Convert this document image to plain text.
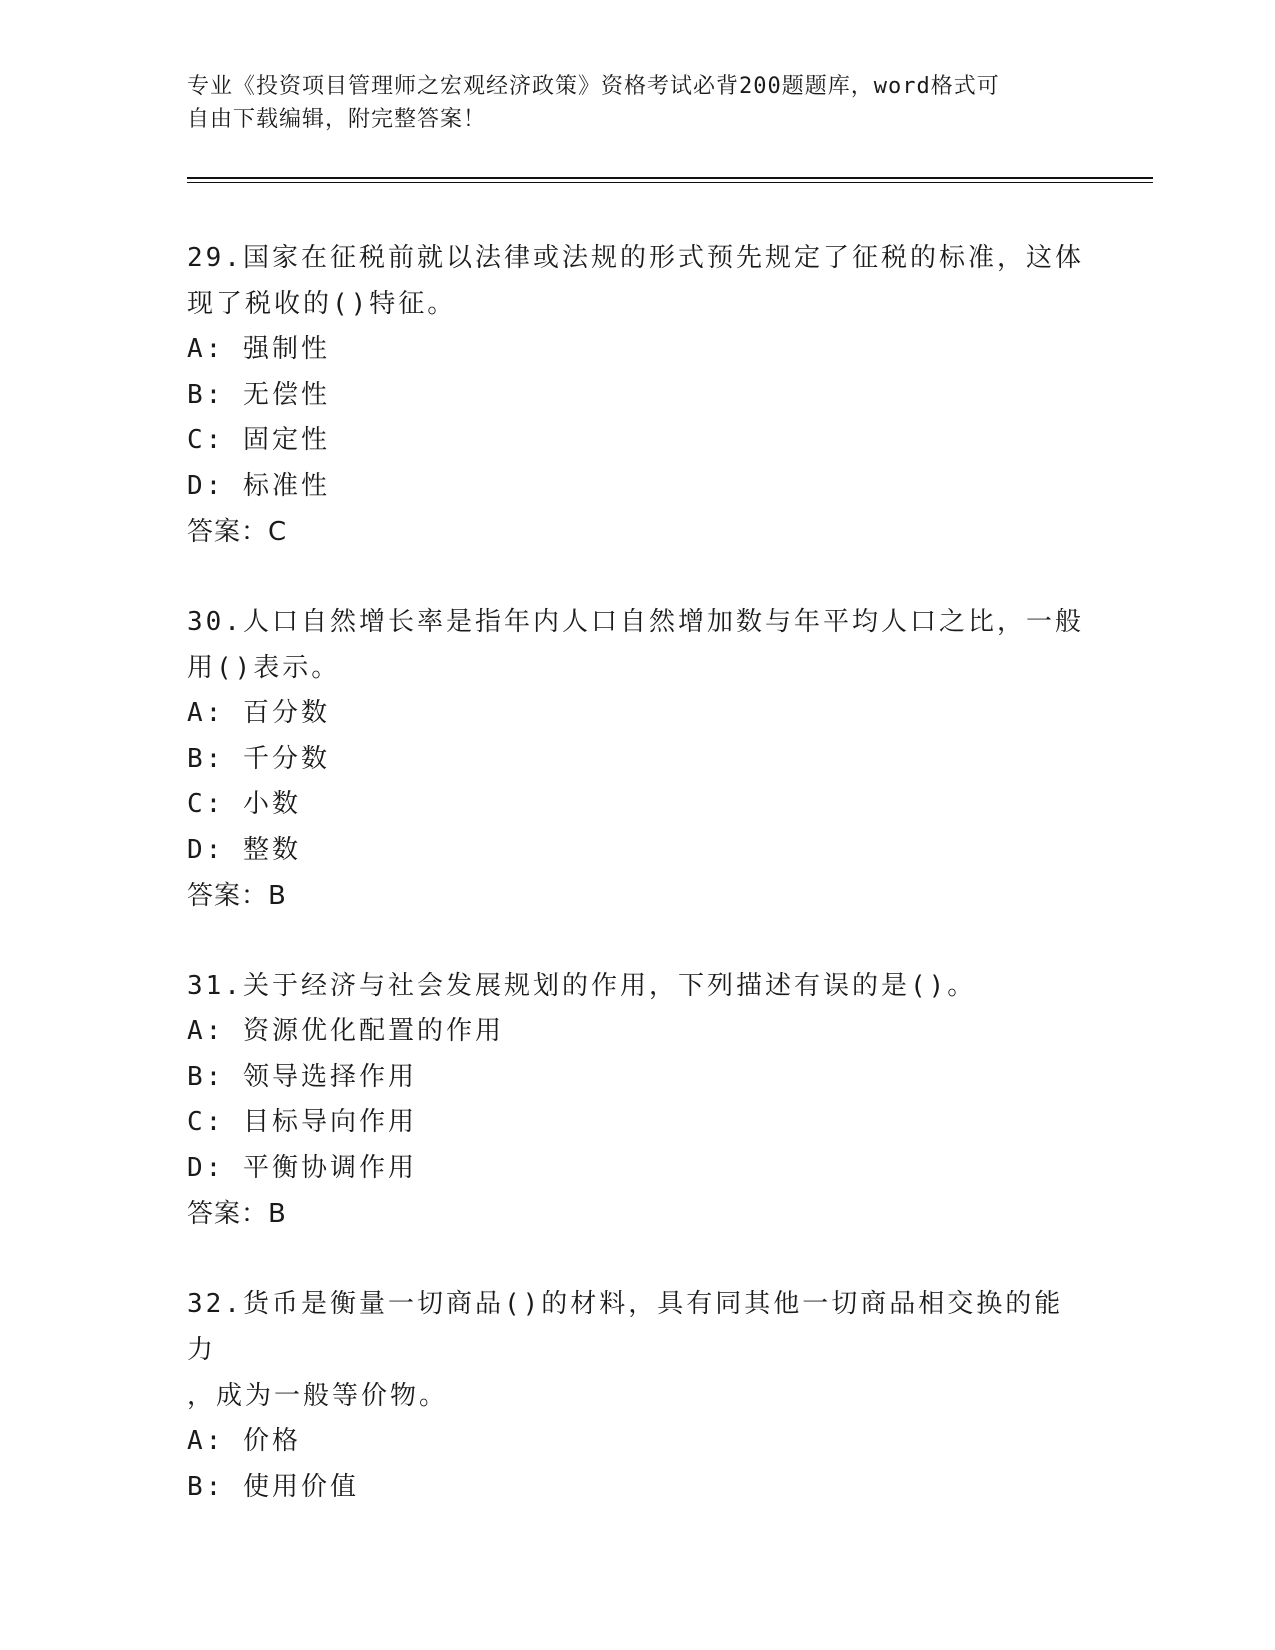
专业《投资项目管理师之宏观经济政策》资格考试必背200题题库，word格式可
自由下载编辑，附完整答案！
29.国家在征税前就以法律或法规的形式预先规定了征税的标准，这体
现了税收的()特征。
A: 强制性
B: 无偿性
C: 固定性
D: 标准性
答案：C
30.人口自然增长率是指年内人口自然增加数与年平均人口之比，一般
用()表示。
A: 百分数
B: 千分数
C: 小数
D: 整数
答案：B
31.关于经济与社会发展规划的作用，下列描述有误的是()。
A: 资源优化配置的作用
B: 领导选择作用
C: 目标导向作用
D: 平衡协调作用
答案：B
32.货币是衡量一切商品()的材料，具有同其他一切商品相交换的能力
，成为一般等价物。
A: 价格
B: 使用价值
